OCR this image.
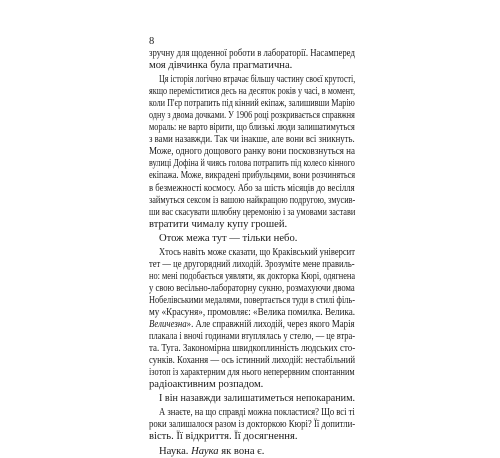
8
зручну для щоденної роботи в лабораторії. Насамперед
моя дівчинка була прагматична.
Ця історія логічно втрачає більшу частину своєї крутості,
якщо переміститися десь на десяток років у часі, в момент,
коли П'єр потрапить під кінний екіпаж, залишивши Марію
одну з двома дочками. У 1906 році розкривається справжня
мораль: не варто вірити, що близькі люди залишатимуться
з вами назавжди. Так чи інакше, але вони всі зникнуть.
Може, одного дощового ранку вони посковзнуться на
вулиці Дофіна й чиясь голова потрапить під колесо кінного
екіпажа. Може, викрадені прибульцями, вони розчиняться
в безмежності космосу. Або за шість місяців до весілля
займуться сексом із вашою найкращою подругою, змусив-
ши вас скасувати шлюбну церемонію і за умовами застави
втратити чималу купу грошей.
Отож межа тут — тільки небо.
Хтось навіть може сказати, що Краківський університ
тет — це другорядний лиходій. Зрозуміте мене правиль-
но: мені подобається уявляти, як докторка Кюрі, одягнена
у свою весільно-лабораторну сукню, розмахуючи двома
Нобелівськими медалями, повертається туди в стилі філь-
му «Красуня», промовляє: «Велика помилка. Велика.
Величезна». Але справжній лиходій, через якого Марія
плакала і вночі годинами втуплялась у стелю, — це втра-
та. Туга. Закономірна швидкоплинність людських сто-
сунків. Кохання — ось істинний лиходій: нестабільний
ізотоп із характерним для нього неперервним спонтанним
радіоактивним розпадом.
І він назавжди залишатиметься непокараним.
А знаєте, на що справді можна покластися? Що всі ті
роки залишалося разом із докторкою Кюрі? Її допитли-
вість. Її відкриття. Її досягнення.
Наука. Наука як вона є.
